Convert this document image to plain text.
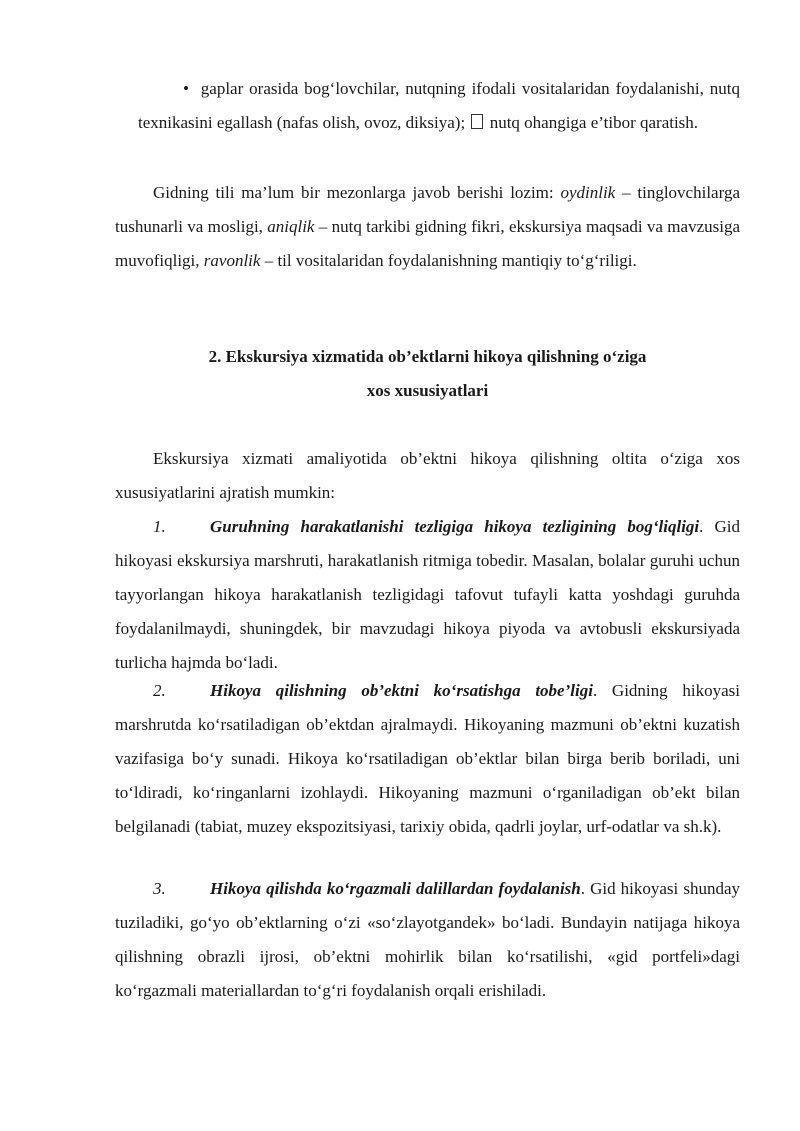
• gaplar orasida bog‘lovchilar, nutqning ifodali vositalaridan foydalanishi, nutq texnikasini egallash (nafas olish, ovoz, diksiya); nutq ohangiga e’tibor qaratish.

Gidning tili ma’lum bir mezonlarga javob berishi lozim: oydinlik – tinglovchilarga tushunarli va mosligi, aniqlik – nutq tarkibi gidning fikri, ekskursiya maqsadi va mavzusiga muvofiqligi, ravonlik – til vositalaridan foydalanishning mantiqiy to‘g‘riligi.

2. Ekskursiya xizmatida ob’ektlarni hikoya qilishning o‘ziga
xos xususiyatlari

Ekskursiya xizmati amaliyotida ob’ektni hikoya qilishning oltita o‘ziga xos xususiyatlarini ajratish mumkin:

1.	Guruhning harakatlanishi tezligiga hikoya tezligining bog‘liqligi. Gid hikoyasi ekskursiya marshruti, harakatlanish ritmiga tobedir. Masalan, bolalar guruhi uchun tayyorlangan hikoya harakatlanish tezligidagi tafovut tufayli katta yoshdagi guruhda foydalanilmaydi, shuningdek, bir mavzudagi hikoya piyoda va avtobusli ekskursiyada turlicha hajmda bo‘ladi.

2.	Hikoya qilishning ob’ektni ko‘rsatishga tobe’ligi. Gidning hikoyasi marshrutda ko‘rsatiladigan ob’ektdan ajralmaydi. Hikoyaning mazmuni ob’ektni kuzatish vazifasiga bo‘y sunadi. Hikoya ko‘rsatiladigan ob’ektlar bilan birga berib boriladi, uni to‘ldiradi, ko‘ringanlarni izohlaydi. Hikoyaning mazmuni o‘rganiladigan ob’ekt bilan belgilanadi (tabiat, muzey ekspozitsiyasi, tarixiy obida, qadrli joylar, urf-odatlar va sh.k).

3.	Hikoya qilishda ko‘rgazmali dalillardan foydalanish. Gid hikoyasi shunday tuziladiki, go‘yo ob’ektlarning o‘zi «so‘zlayotgandek» bo‘ladi. Bundayin natijaga hikoya qilishning obrazli ijrosi, ob’ektni mohirlik bilan ko‘rsatilishi, «gid portfeli»dagi ko‘rgazmali materiallardan to‘g‘ri foydalanish orqali erishiladi.
